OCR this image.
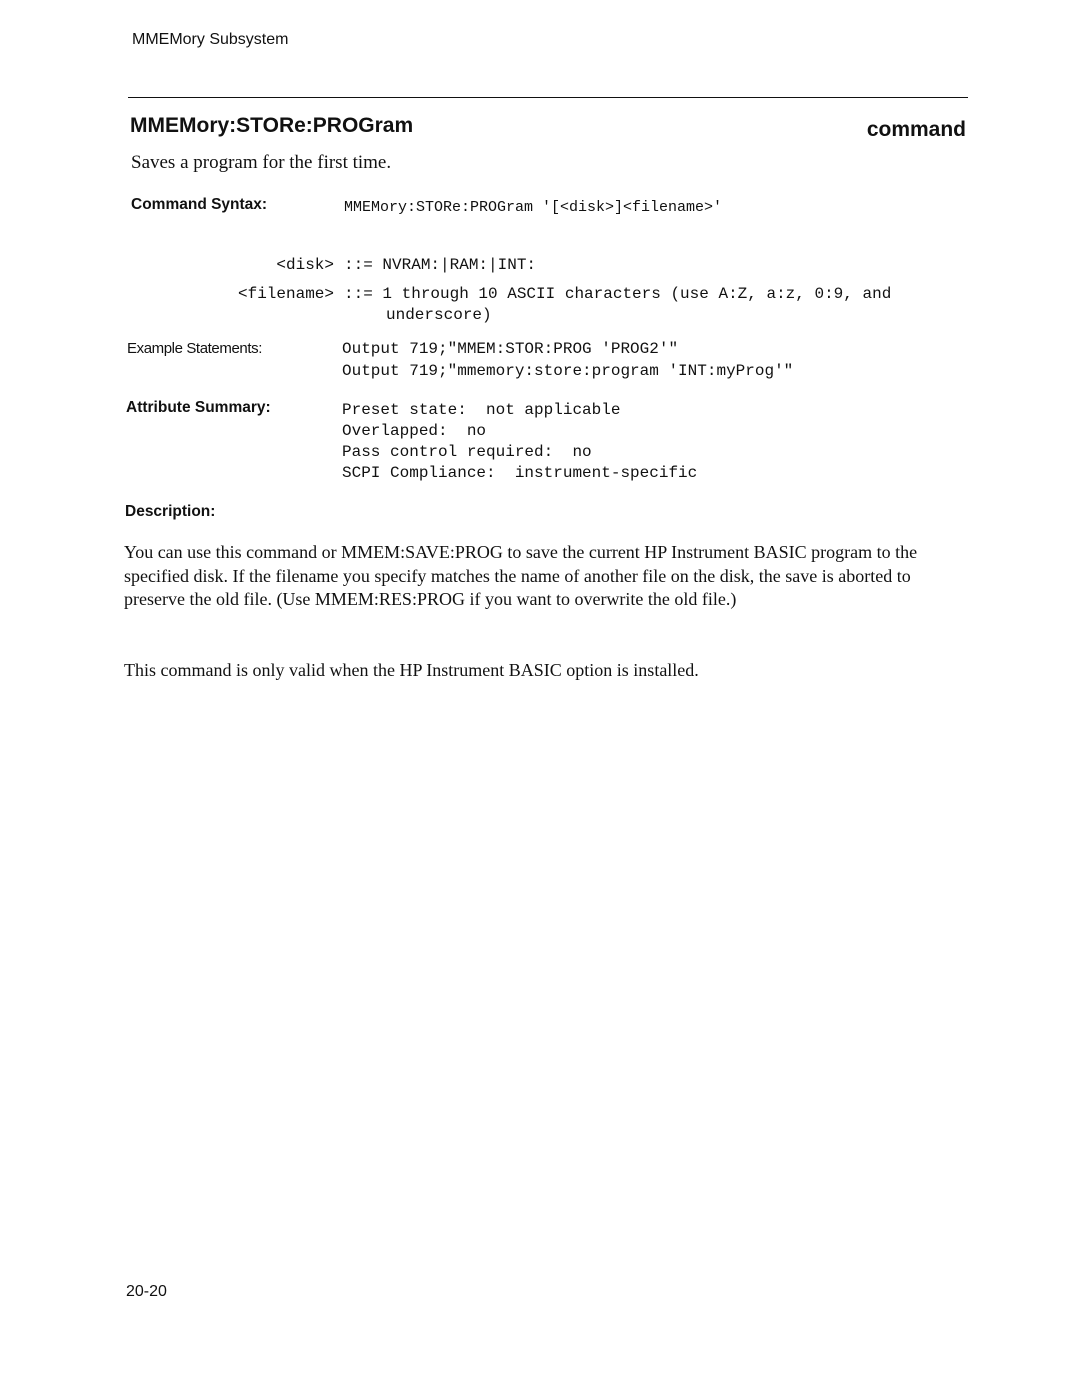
MMEMory Subsystem
MMEMory:STORe:PROGram	command
Saves a program for the first time.
Command Syntax:	MMEMory:STORe:PROGram '[<disk>]<filename>'
<disk> ::= NVRAM:|RAM:|INT:
<filename> ::= 1 through 10 ASCII characters (use A:Z, a:z, 0:9, and
underscore)
Example Statements:	Output 719;"MMEM:STOR:PROG 'PROG2'"
Output 719;"mmemory:store:program 'INT:myProg'"
Attribute Summary:	Preset state:  not applicable
Overlapped:  no
Pass control required:  no
SCPI Compliance:  instrument-specific
Description:
You can use this command or MMEM:SAVE:PROG to save the current HP Instrument BASIC program to the specified disk. If the filename you specify matches the name of another file on the disk, the save is aborted to preserve the old file. (Use MMEM:RES:PROG if you want to overwrite the old file.)
This command is only valid when the HP Instrument BASIC option is installed.
20-20
